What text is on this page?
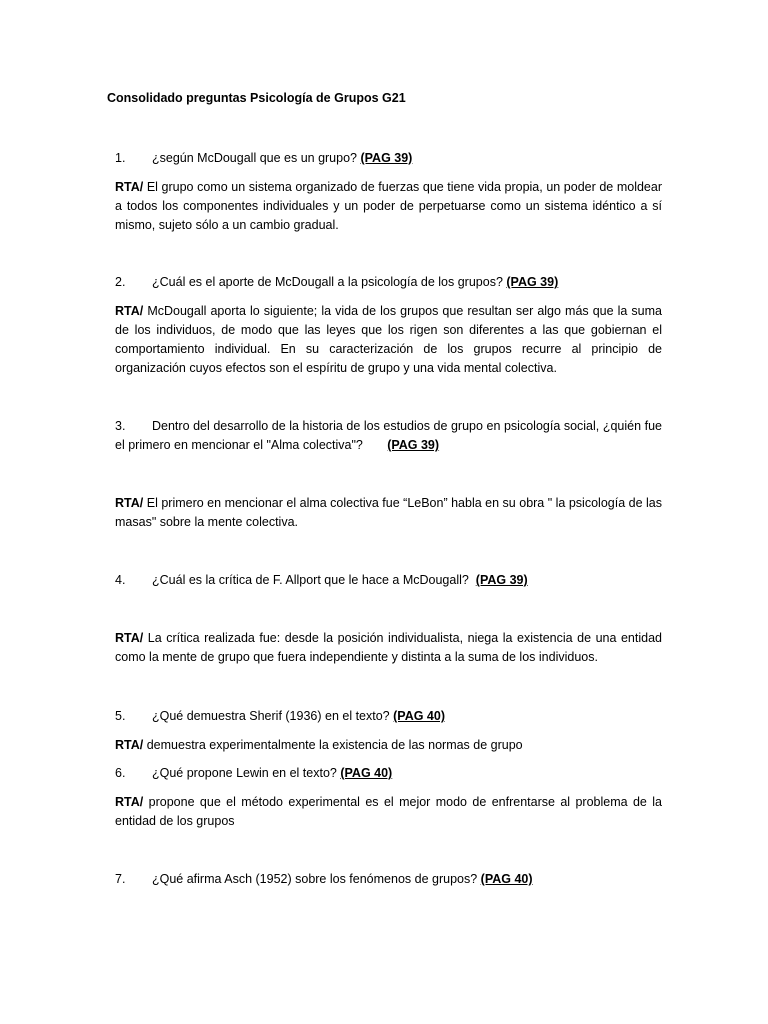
Consolidado preguntas Psicología de Grupos G21
1. ¿según McDougall que es un grupo? (PAG 39)
RTA/ El grupo como un sistema organizado de fuerzas que tiene vida propia, un poder de moldear a todos los componentes individuales y un poder de perpetuarse como un sistema idéntico a sí mismo, sujeto sólo a un cambio gradual.
2. ¿Cuál es el aporte de McDougall a la psicología de los grupos? (PAG 39)
RTA/ McDougall aporta lo siguiente; la vida de los grupos que resultan ser algo más que la suma de los individuos, de modo que las leyes que los rigen son diferentes a las que gobiernan el comportamiento individual. En su caracterización de los grupos recurre al principio de organización cuyos efectos son el espíritu de grupo y una vida mental colectiva.
3. Dentro del desarrollo de la historia de los estudios de grupo en psicología social, ¿quién fue el primero en mencionar el "Alma colectiva"? (PAG 39)
RTA/ El primero en mencionar el alma colectiva fue “LeBon” habla en su obra " la psicología de las masas" sobre la mente colectiva.
4. ¿Cuál es la crítica de F. Allport que le hace a McDougall? (PAG 39)
RTA/ La crítica realizada fue: desde la posición individualista, niega la existencia de una entidad como la mente de grupo que fuera independiente y distinta a la suma de los individuos.
5. ¿Qué demuestra Sherif (1936) en el texto? (PAG 40)
RTA/ demuestra experimentalmente la existencia de las normas de grupo
6. ¿Qué propone Lewin en el texto? (PAG 40)
RTA/ propone que el método experimental es el mejor modo de enfrentarse al problema de la entidad de los grupos
7. ¿Qué afirma Asch (1952) sobre los fenómenos de grupos? (PAG 40)
